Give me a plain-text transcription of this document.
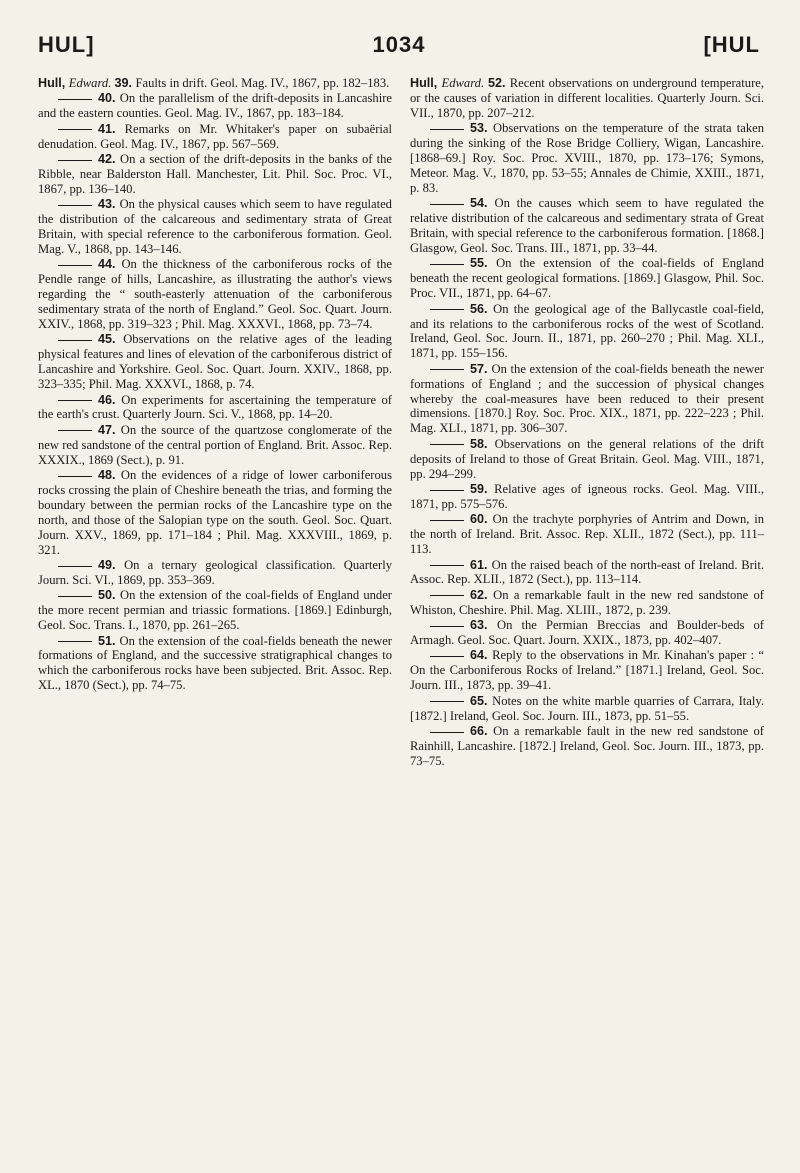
HUL]	1034	[HUL

Hull, Edward. 39. Faults in drift. Geol. Mag. IV., 1867, pp. 182–183.

40. On the parallelism of the drift-deposits in Lancashire and the eastern counties. Geol. Mag. IV., 1867, pp. 183–184.

41. Remarks on Mr. Whitaker's paper on subaërial denudation. Geol. Mag. IV., 1867, pp. 567–569.

42. On a section of the drift-deposits in the banks of the Ribble, near Balderston Hall. Manchester, Lit. Phil. Soc. Proc. VI., 1867, pp. 136–140.

43. On the physical causes which seem to have regulated the distribution of the calcareous and sedimentary strata of Great Britain, with special reference to the carboniferous formation. Geol. Mag. V., 1868, pp. 143–146.

44. On the thickness of the carboniferous rocks of the Pendle range of hills, Lancashire, as illustrating the author's views regarding the “ south-easterly attenuation of the carboniferous sedimentary strata of the north of England.” Geol. Soc. Quart. Journ. XXIV., 1868, pp. 319–323 ; Phil. Mag. XXXVI., 1868, pp. 73–74.

45. Observations on the relative ages of the leading physical features and lines of elevation of the carboniferous district of Lancashire and Yorkshire. Geol. Soc. Quart. Journ. XXIV., 1868, pp. 323–335; Phil. Mag. XXXVI., 1868, p. 74.

46. On experiments for ascertaining the temperature of the earth's crust. Quarterly Journ. Sci. V., 1868, pp. 14–20.

47. On the source of the quartzose conglomerate of the new red sandstone of the central portion of England. Brit. Assoc. Rep. XXXIX., 1869 (Sect.), p. 91.

48. On the evidences of a ridge of lower carboniferous rocks crossing the plain of Cheshire beneath the trias, and forming the boundary between the permian rocks of the Lancashire type on the north, and those of the Salopian type on the south. Geol. Soc. Quart. Journ. XXV., 1869, pp. 171–184 ; Phil. Mag. XXXVIII., 1869, p. 321.

49. On a ternary geological classification. Quarterly Journ. Sci. VI., 1869, pp. 353–369.

50. On the extension of the coal-fields of England under the more recent permian and triassic formations. [1869.] Edinburgh, Geol. Soc. Trans. I., 1870, pp. 261–265.

51. On the extension of the coal-fields beneath the newer formations of England, and the successive stratigraphical changes to which the carboniferous rocks have been subjected. Brit. Assoc. Rep. XL., 1870 (Sect.), pp. 74–75.

Hull, Edward. 52. Recent observations on underground temperature, or the causes of variation in different localities. Quarterly Journ. Sci. VII., 1870, pp. 207–212.

53. Observations on the temperature of the strata taken during the sinking of the Rose Bridge Colliery, Wigan, Lancashire. [1868–69.] Roy. Soc. Proc. XVIII., 1870, pp. 173–176; Symons, Meteor. Mag. V., 1870, pp. 53–55; Annales de Chimie, XXIII., 1871, p. 83.

54. On the causes which seem to have regulated the relative distribution of the calcareous and sedimentary strata of Great Britain, with special reference to the carboniferous formation. [1868.] Glasgow, Geol. Soc. Trans. III., 1871, pp. 33–44.

55. On the extension of the coal-fields of England beneath the recent geological formations. [1869.] Glasgow, Phil. Soc. Proc. VII., 1871, pp. 64–67.

56. On the geological age of the Ballycastle coal-field, and its relations to the carboniferous rocks of the west of Scotland. Ireland, Geol. Soc. Journ. II., 1871, pp. 260–270 ; Phil. Mag. XLI., 1871, pp. 155–156.

57. On the extension of the coal-fields beneath the newer formations of England ; and the succession of physical changes whereby the coal-measures have been reduced to their present dimensions. [1870.] Roy. Soc. Proc. XIX., 1871, pp. 222–223 ; Phil. Mag. XLI., 1871, pp. 306–307.

58. Observations on the general relations of the drift deposits of Ireland to those of Great Britain. Geol. Mag. VIII., 1871, pp. 294–299.

59. Relative ages of igneous rocks. Geol. Mag. VIII., 1871, pp. 575–576.

60. On the trachyte porphyries of Antrim and Down, in the north of Ireland. Brit. Assoc. Rep. XLII., 1872 (Sect.), pp. 111–113.

61. On the raised beach of the north-east of Ireland. Brit. Assoc. Rep. XLII., 1872 (Sect.), pp. 113–114.

62. On a remarkable fault in the new red sandstone of Whiston, Cheshire. Phil. Mag. XLIII., 1872, p. 239.

63. On the Permian Breccias and Boulder-beds of Armagh. Geol. Soc. Quart. Journ. XXIX., 1873, pp. 402–407.

64. Reply to the observations in Mr. Kinahan's paper : “ On the Carboniferous Rocks of Ireland.” [1871.] Ireland, Geol. Soc. Journ. III., 1873, pp. 39–41.

65. Notes on the white marble quarries of Carrara, Italy. [1872.] Ireland, Geol. Soc. Journ. III., 1873, pp. 51–55.

66. On a remarkable fault in the new red sandstone of Rainhill, Lancashire. [1872.] Ireland, Geol. Soc. Journ. III., 1873, pp. 73–75.
